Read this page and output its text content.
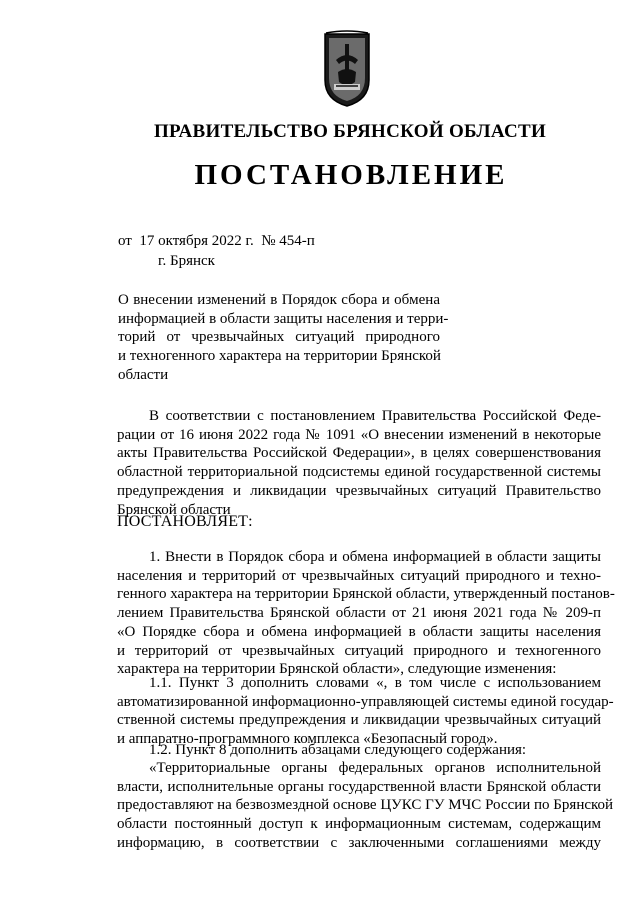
ПРАВИТЕЛЬСТВО БРЯНСКОЙ ОБЛАСТИ
ПОСТАНОВЛЕНИЕ
от  17 октября 2022 г.  № 454-п
г. Брянск
О внесении изменений в Порядок сбора и обмена
информацией в области защиты населения и терри-
торий от чрезвычайных ситуаций природного
и техногенного характера на территории Брянской
области
В соответствии с постановлением Правительства Российской Феде-
рации от 16 июня 2022 года № 1091 «О внесении изменений в некоторые
акты Правительства Российской Федерации», в целях совершенствования
областной территориальной подсистемы единой государственной системы
предупреждения и ликвидации чрезвычайных ситуаций Правительство
Брянской области
ПОСТАНОВЛЯЕТ:
1. Внести в Порядок сбора и обмена информацией в области защиты
населения и территорий от чрезвычайных ситуаций природного и техно-
генного характера на территории Брянской области, утвержденный постанов-
лением Правительства Брянской области от 21 июня 2021 года № 209-п
«О Порядке сбора и обмена информацией в области защиты населения
и территорий от чрезвычайных ситуаций природного и техногенного
характера на территории Брянской области», следующие изменения:
1.1. Пункт 3 дополнить словами «, в том числе с использованием
автоматизированной информационно-управляющей системы единой государ-
ственной системы предупреждения и ликвидации чрезвычайных ситуаций
и аппаратно-программного комплекса «Безопасный город».
1.2. Пункт 8 дополнить абзацами следующего содержания:
«Территориальные органы федеральных органов исполнительной
власти, исполнительные органы государственной власти Брянской области
предоставляют на безвозмездной основе ЦУКС ГУ МЧС России по Брянской
области постоянный доступ к информационным системам, содержащим
информацию, в соответствии с заключенными соглашениями между
